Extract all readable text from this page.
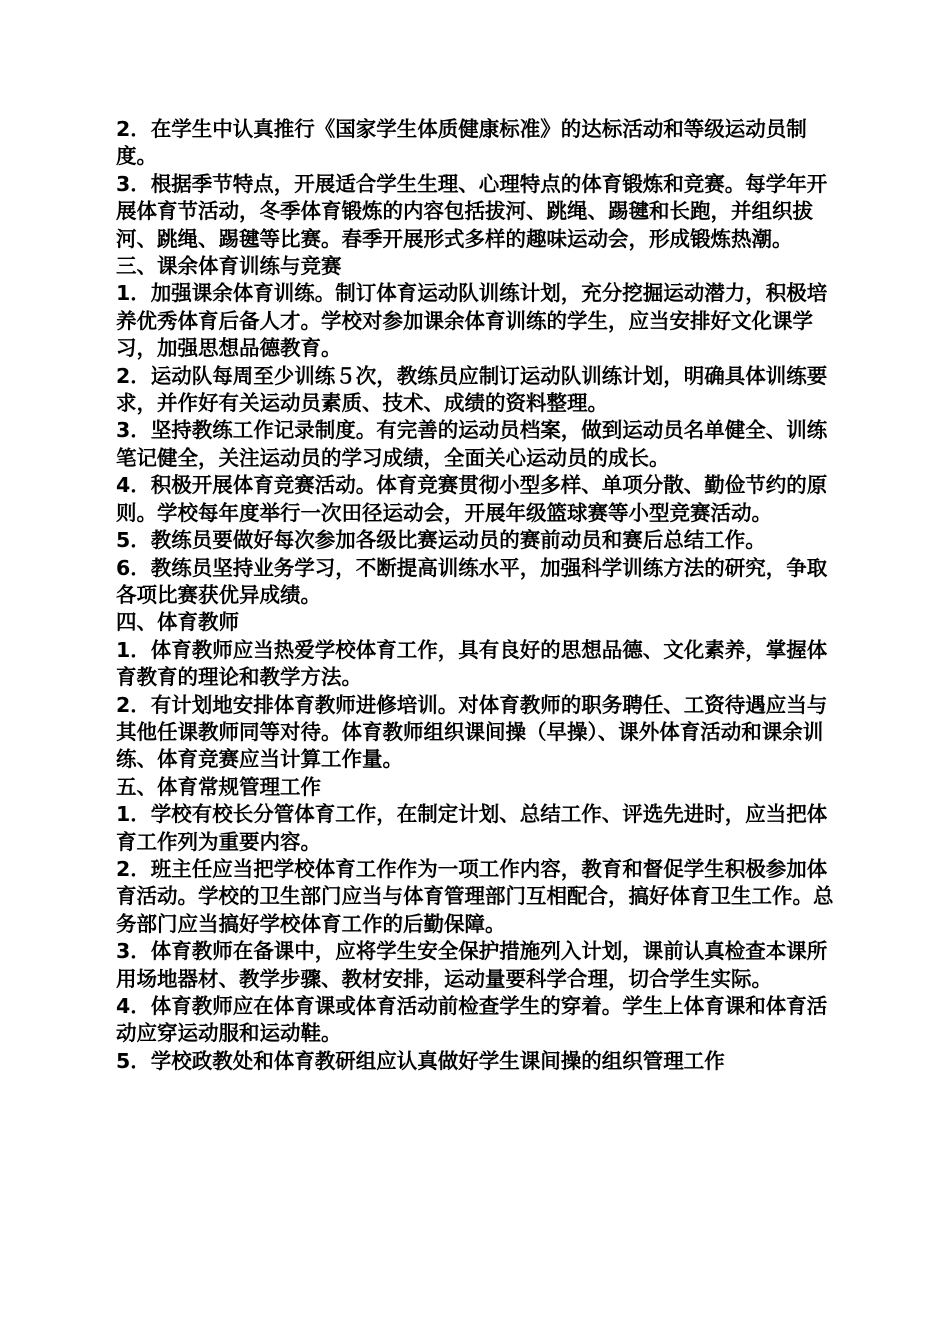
2．在学生中认真推行《国家学生体质健康标准》的达标活动和等级运动员制度。

3．根据季节特点，开展适合学生生理、心理特点的体育锻炼和竞赛。每学年开展体育节活动，冬季体育锻炼的内容包括拔河、跳绳、踢毽和长跑，并组织拔河、跳绳、踢毽等比赛。春季开展形式多样的趣味运动会，形成锻炼热潮。

三、课余体育训练与竞赛

1．加强课余体育训练。制订体育运动队训练计划，充分挖掘运动潜力，积极培养优秀体育后备人才。学校对参加课余体育训练的学生，应当安排好文化课学习，加强思想品德教育。

2．运动队每周至少训练５次，教练员应制订运动队训练计划，明确具体训练要求，并作好有关运动员素质、技术、成绩的资料整理。

3．坚持教练工作记录制度。有完善的运动员档案，做到运动员名单健全、训练笔记健全，关注运动员的学习成绩，全面关心运动员的成长。

4．积极开展体育竞赛活动。体育竞赛贯彻小型多样、单项分散、勤俭节约的原则。学校每年度举行一次田径运动会，开展年级篮球赛等小型竞赛活动。

5．教练员要做好每次参加各级比赛运动员的赛前动员和赛后总结工作。

6．教练员坚持业务学习，不断提高训练水平，加强科学训练方法的研究，争取各项比赛获优异成绩。

四、体育教师

1．体育教师应当热爱学校体育工作，具有良好的思想品德、文化素养，掌握体育教育的理论和教学方法。

2．有计划地安排体育教师进修培训。对体育教师的职务聘任、工资待遇应当与其他任课教师同等对待。体育教师组织课间操（早操）、课外体育活动和课余训练、体育竞赛应当计算工作量。

五、体育常规管理工作

1．学校有校长分管体育工作，在制定计划、总结工作、评选先进时，应当把体育工作列为重要内容。

2．班主任应当把学校体育工作作为一项工作内容，教育和督促学生积极参加体育活动。学校的卫生部门应当与体育管理部门互相配合，搞好体育卫生工作。总务部门应当搞好学校体育工作的后勤保障。

3．体育教师在备课中，应将学生安全保护措施列入计划，课前认真检查本课所用场地器材、教学步骤、教材安排，运动量要科学合理，切合学生实际。

4．体育教师应在体育课或体育活动前检查学生的穿着。学生上体育课和体育活动应穿运动服和运动鞋。

5．学校政教处和体育教研组应认真做好学生课间操的组织管理工作
